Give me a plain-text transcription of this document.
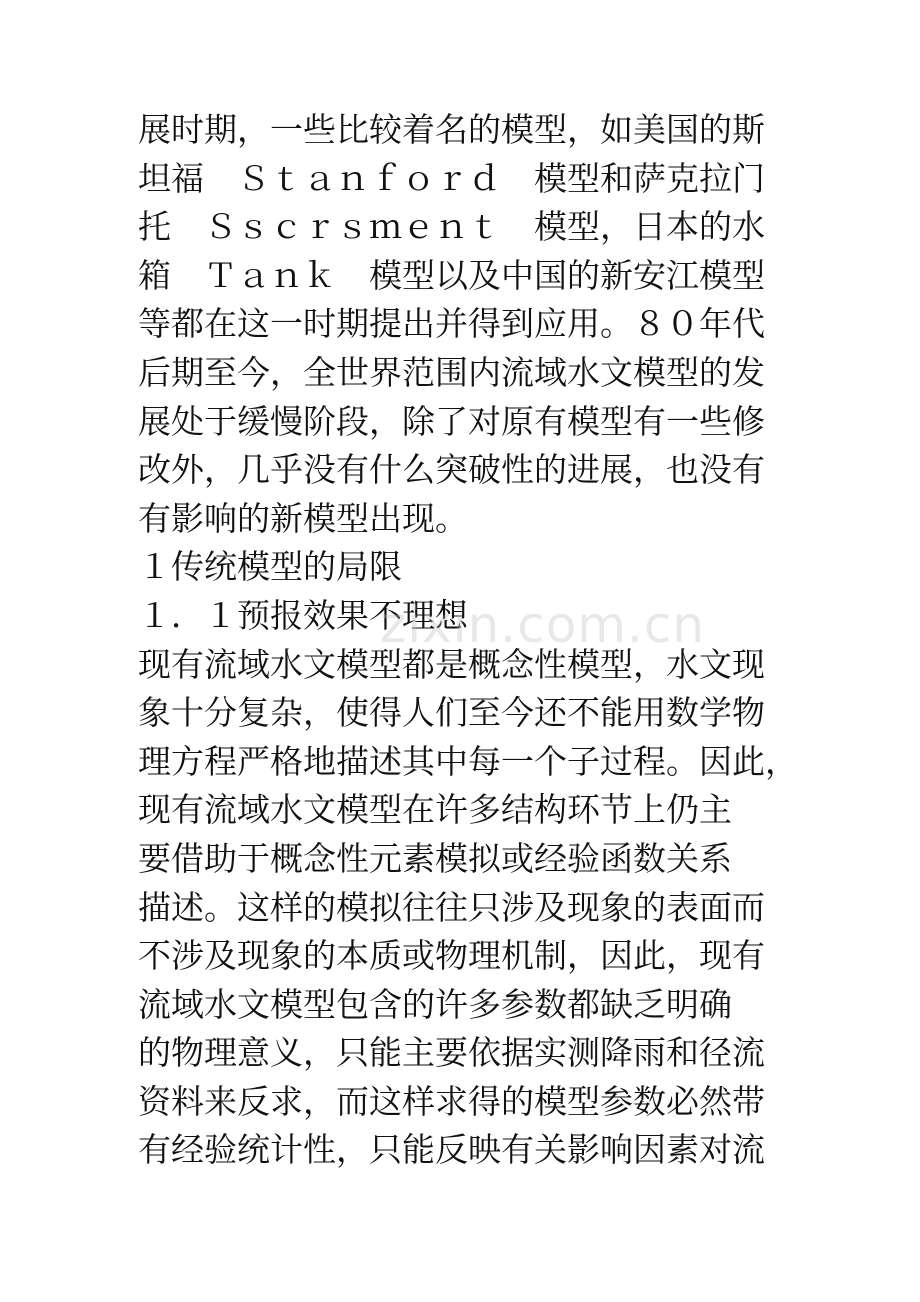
展时期，一些比较着名的模型，如美国的斯
坦福　Ｓｔａｎｆｏｒｄ　模型和萨克拉门
托　Ｓｓｃｒｓｍｅｎｔ　模型，日本的水
箱　Ｔａｎｋ　模型以及中国的新安江模型
等都在这一时期提出并得到应用。８０年代
后期至今，全世界范围内流域水文模型的发
展处于缓慢阶段，除了对原有模型有一些修
改外，几乎没有什么突破性的进展，也没有
有影响的新模型出现。
１传统模型的局限
１．１预报效果不理想
现有流域水文模型都是概念性模型，水文现
象十分复杂，使得人们至今还不能用数学物
理方程严格地描述其中每一个子过程。因此，
现有流域水文模型在许多结构环节上仍主
要借助于概念性元素模拟或经验函数关系
描述。这样的模拟往往只涉及现象的表面而
不涉及现象的本质或物理机制，因此，现有
流域水文模型包含的许多参数都缺乏明确
的物理意义，只能主要依据实测降雨和径流
资料来反求，而这样求得的模型参数必然带
有经验统计性，只能反映有关影响因素对流
zixin.com.cn
